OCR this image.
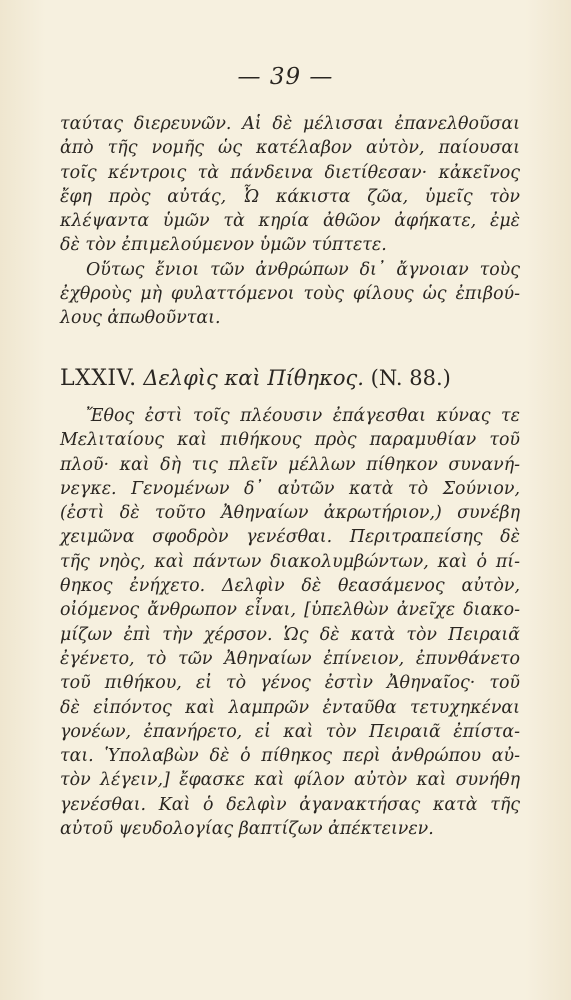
— 39 —
ταύτας διερευνῶν. Αἱ δὲ μέλισσαι ἐπανελθοῦσαι
ἀπὸ τῆς νομῆς ὡς κατέλαβον αὐτὸν, παίουσαι
τοῖς κέντροις τὰ πάνδεινα διετίθεσαν· κἀκεῖνος
ἔφη πρὸς αὐτάς, Ὦ κάκιστα ζῶα, ὑμεῖς τὸν
κλέψαντα ὑμῶν τὰ κηρία ἀθῶον ἀφήκατε, ἐμὲ
δὲ τὸν ἐπιμελούμενον ὑμῶν τύπτετε.
Οὕτως ἔνιοι τῶν ἀνθρώπων δι᾽ ἄγνοιαν τοὺς
ἐχθροὺς μὴ φυλαττόμενοι τοὺς φίλους ὡς ἐπιβού-
λους ἀπωθοῦνται.
LXXIV. Δελφὶς καὶ Πίθηκος. (N. 88.)
Ἔθος ἐστὶ τοῖς πλέουσιν ἐπάγεσθαι κύνας τε
Μελιταίους καὶ πιθήκους πρὸς παραμυθίαν τοῦ
πλοῦ· καὶ δὴ τις πλεῖν μέλλων πίθηκον συνανή-
νεγκε. Γενομένων δ᾽ αὐτῶν κατὰ τὸ Σούνιον,
(ἐστὶ δὲ τοῦτο Ἀθηναίων ἀκρωτήριον,) συνέβη
χειμῶνα σφοδρὸν γενέσθαι. Περιτραπείσης δὲ
τῆς νηὸς, καὶ πάντων διακολυμβώντων, καὶ ὁ πί-
θηκος ἐνήχετο. Δελφὶν δὲ θεασάμενος αὐτὸν,
οἰόμενος ἄνθρωπον εἶναι, [ὑπελθὼν ἀνεῖχε διακο-
μίζων ἐπὶ τὴν χέρσον. Ὡς δὲ κατὰ τὸν Πειραιᾶ
ἐγένετο, τὸ τῶν Ἀθηναίων ἐπίνειον, ἐπυνθάνετο
τοῦ πιθήκου, εἰ τὸ γένος ἐστὶν Ἀθηναῖος· τοῦ
δὲ εἰπόντος καὶ λαμπρῶν ἐνταῦθα τετυχηκέναι
γονέων, ἐπανήρετο, εἰ καὶ τὸν Πειραιᾶ ἐπίστα-
ται. Ὑπολαβὼν δὲ ὁ πίθηκος περὶ ἀνθρώπου αὐ-
τὸν λέγειν,] ἔφασκε καὶ φίλον αὐτὸν καὶ συνήθη
γενέσθαι. Καὶ ὁ δελφὶν ἀγανακτήσας κατὰ τῆς
αὐτοῦ ψευδολογίας βαπτίζων ἀπέκτεινεν.
